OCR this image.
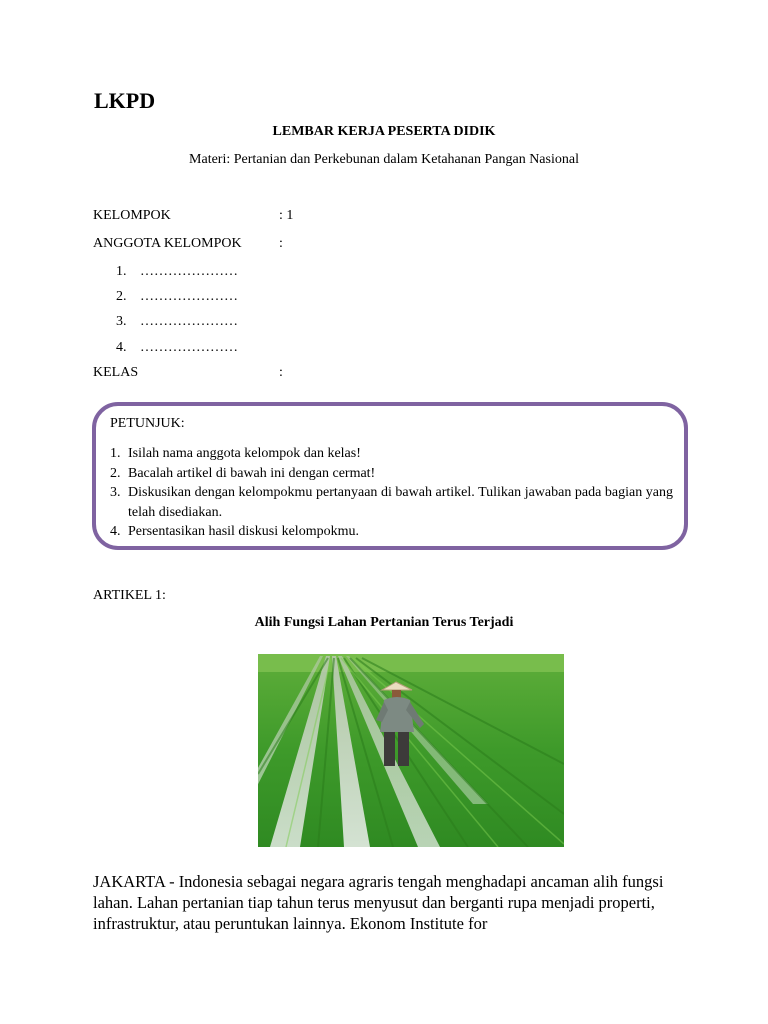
LKPD
LEMBAR KERJA PESERTA DIDIK
Materi: Pertanian dan Perkebunan dalam Ketahanan Pangan Nasional
KELOMPOK	: 1
ANGGOTA KELOMPOK	:
1. …………………
2. …………………
3. …………………
4. …………………
KELAS	:
PETUNJUK:
1. Isilah nama anggota kelompok dan kelas!
2. Bacalah artikel di bawah ini dengan cermat!
3. Diskusikan dengan kelompokmu pertanyaan di bawah artikel. Tulikan jawaban pada bagian yang telah disediakan.
4. Persentasikan hasil diskusi kelompokmu.
ARTIKEL 1:
Alih Fungsi Lahan Pertanian Terus Terjadi
JAKARTA - Indonesia sebagai negara agraris tengah menghadapi ancaman alih fungsi lahan. Lahan pertanian tiap tahun terus menyusut dan berganti rupa menjadi properti, infrastruktur, atau peruntukan lainnya. Ekonom Institute for
